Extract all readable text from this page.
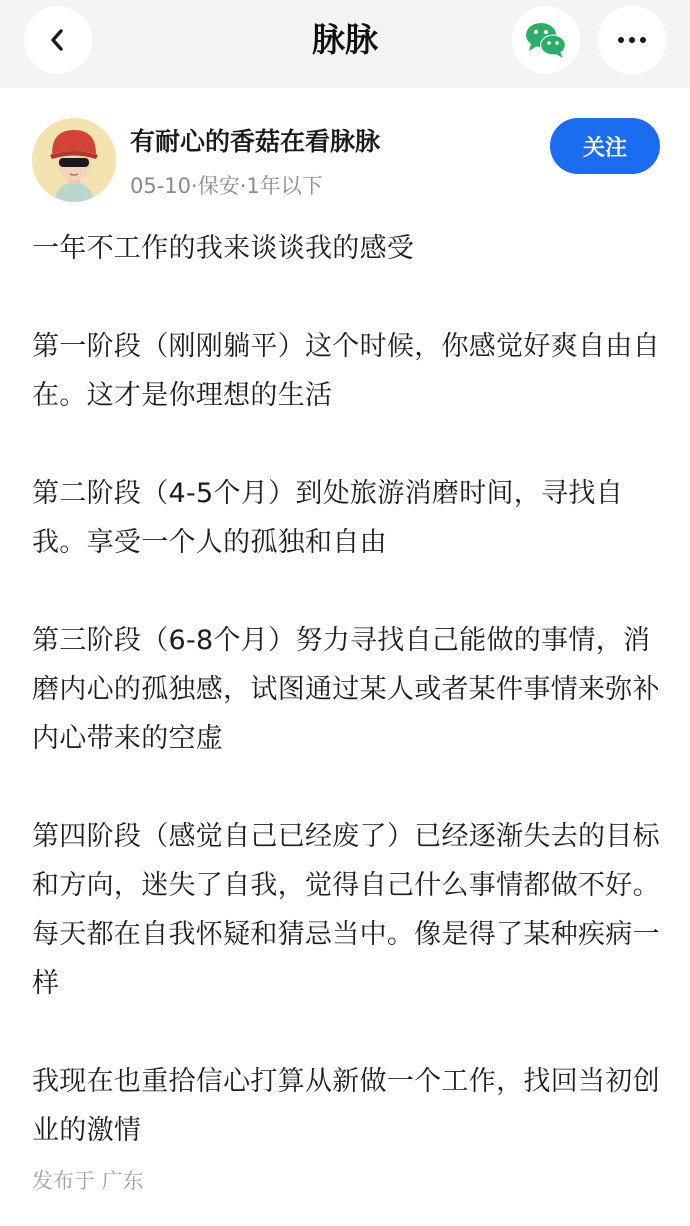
脉脉
有耐心的香菇在看脉脉
05-10·保安·1年以下
关注

一年不工作的我来谈谈我的感受

第一阶段（刚刚躺平）这个时候，你感觉好爽自由自在。这才是你理想的生活

第二阶段（4-5个月）到处旅游消磨时间，寻找自我。享受一个人的孤独和自由

第三阶段（6-8个月）努力寻找自己能做的事情，消磨内心的孤独感，试图通过某人或者某件事情来弥补内心带来的空虚

第四阶段（感觉自己已经废了）已经逐渐失去的目标和方向，迷失了自我，觉得自己什么事情都做不好。每天都在自我怀疑和猜忌当中。像是得了某种疾病一样

我现在也重拾信心打算从新做一个工作，找回当初创业的激情

发布于 广东
